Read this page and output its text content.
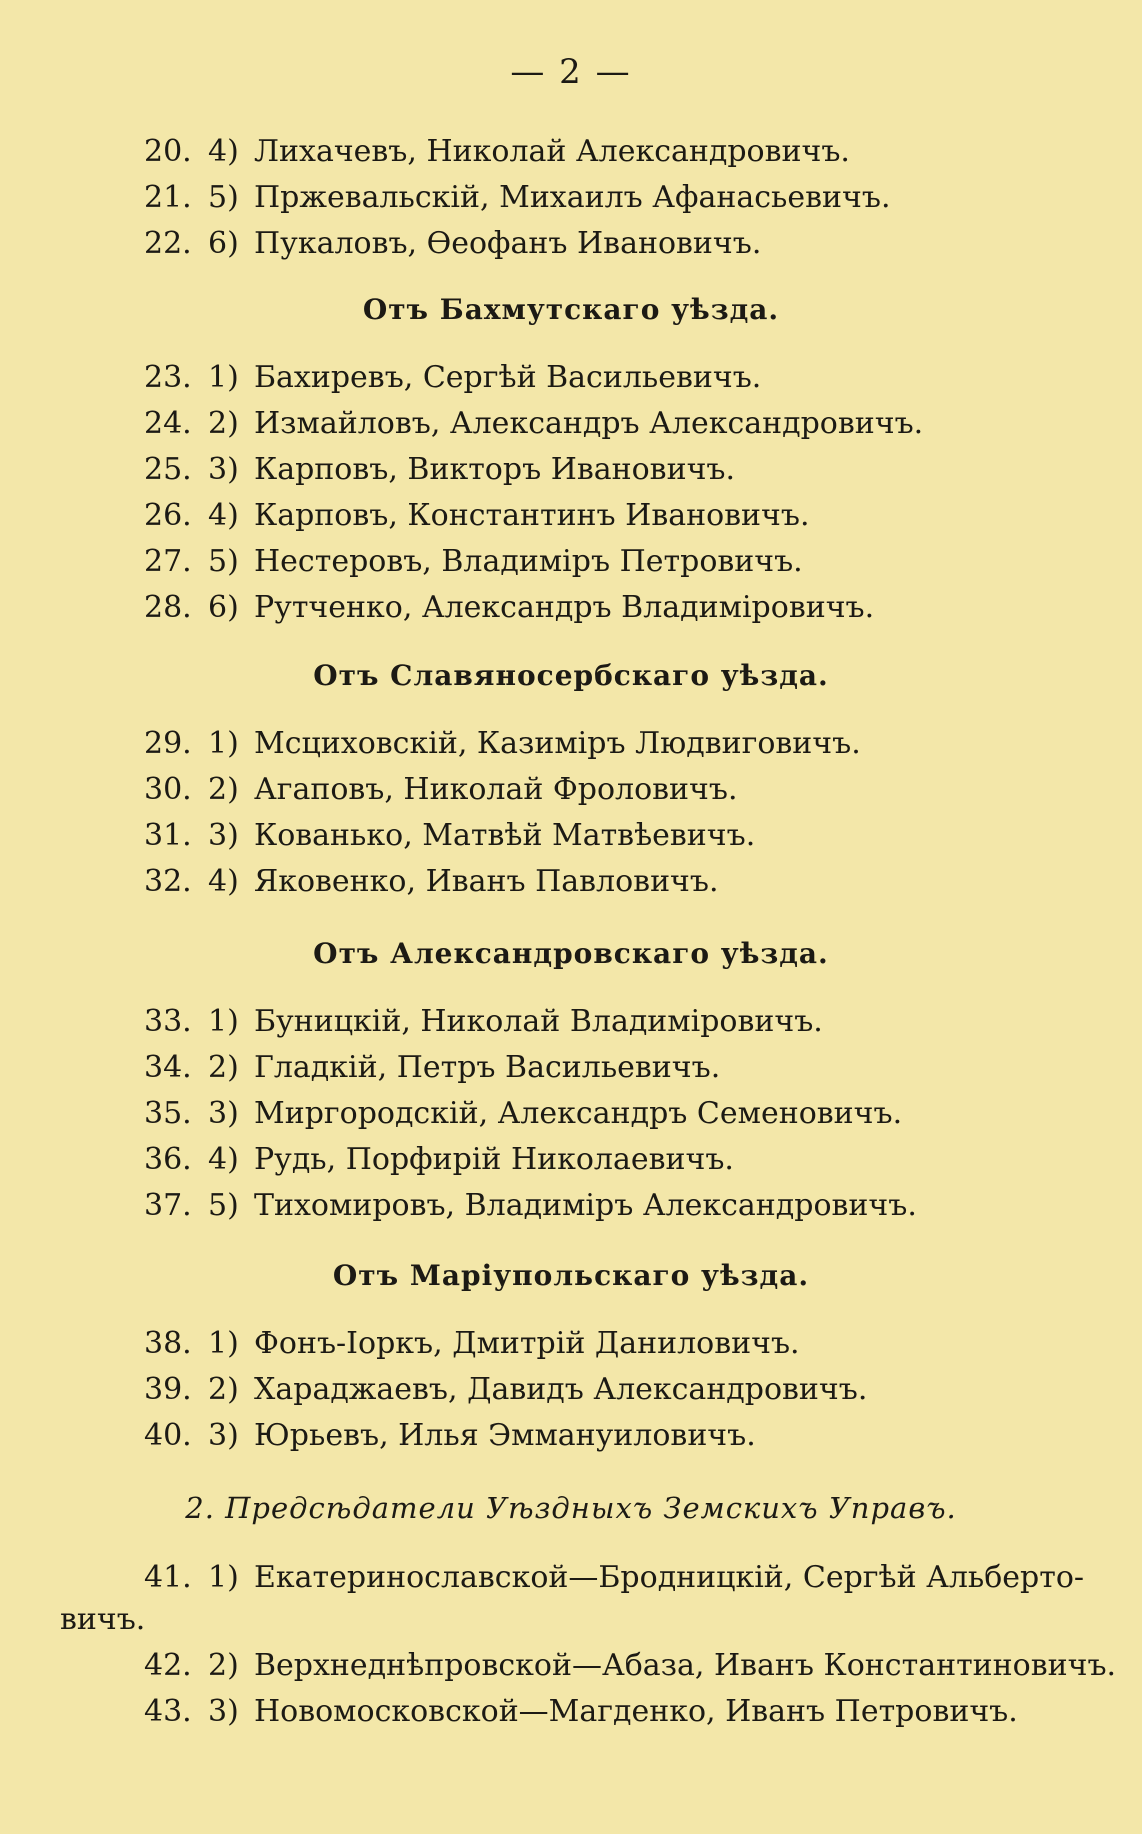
— 2 —
20. 4) Лихачевъ, Николай Александровичъ.
21. 5) Пржевальскій, Михаилъ Афанасьевичъ.
22. 6) Пукаловъ, Ѳеофанъ Ивановичъ.
Отъ Бахмутскаго уѣзда.
23. 1) Бахиревъ, Сергѣй Васильевичъ.
24. 2) Измайловъ, Александръ Александровичъ.
25. 3) Карповъ, Викторъ Ивановичъ.
26. 4) Карповъ, Константинъ Ивановичъ.
27. 5) Нестеровъ, Владиміръ Петровичъ.
28. 6) Рутченко, Александръ Владиміровичъ.
Отъ Славяносербскаго уѣзда.
29. 1) Мсциховскій, Казиміръ Людвиговичъ.
30. 2) Агаповъ, Николай Фроловичъ.
31. 3) Кованько, Матвѣй Матвѣевичъ.
32. 4) Яковенко, Иванъ Павловичъ.
Отъ Александровскаго уѣзда.
33. 1) Буницкій, Николай Владиміровичъ.
34. 2) Гладкій, Петръ Васильевичъ.
35. 3) Миргородскій, Александръ Семеновичъ.
36. 4) Рудь, Порфирій Николаевичъ.
37. 5) Тихомировъ, Владиміръ Александровичъ.
Отъ Маріупольскаго уѣзда.
38. 1) Фонъ-Іоркъ, Дмитрій Даниловичъ.
39. 2) Хараджаевъ, Давидъ Александровичъ.
40. 3) Юрьевъ, Илья Эммануиловичъ.
2. Предсѣдатели Уѣздныхъ Земскихъ Управъ.
41. 1) Екатеринославской—Бродницкій, Сергѣй Альберто-
вичъ.
42. 2) Верхнеднѣпровской—Абаза, Иванъ Константиновичъ.
43. 3) Новомосковской—Магденко, Иванъ Петровичъ.
